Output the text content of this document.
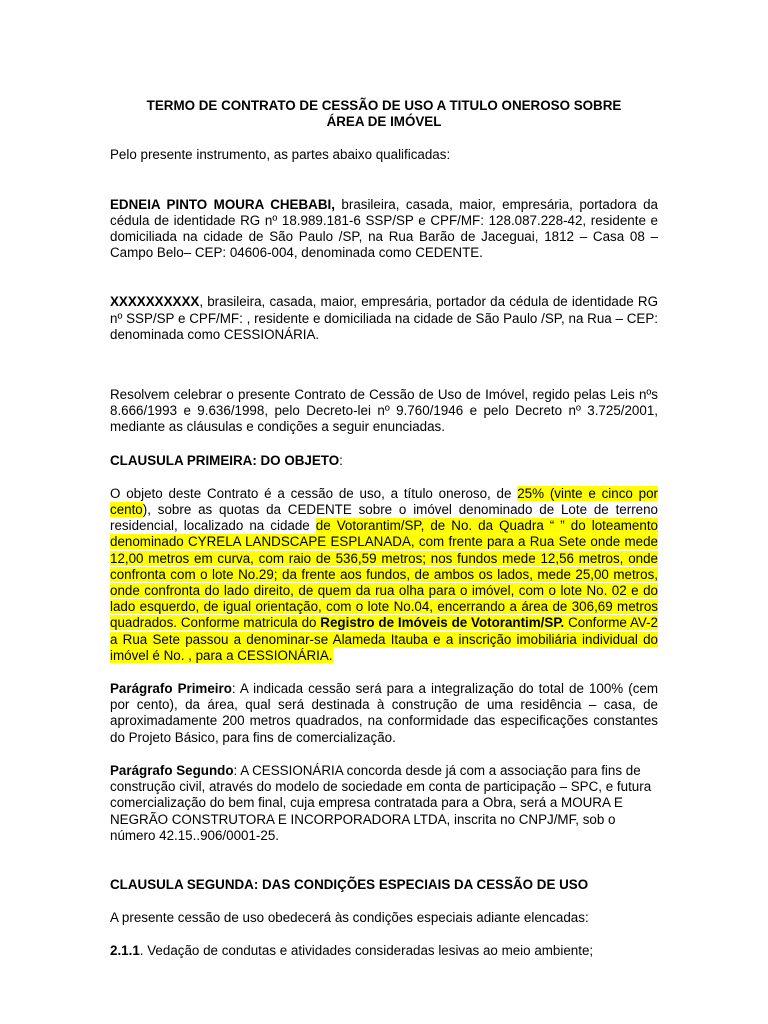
TERMO DE CONTRATO DE CESSÃO DE USO A TITULO ONEROSO SOBRE
ÁREA DE IMÓVEL

Pelo presente instrumento, as partes abaixo qualificadas:

EDNEIA PINTO MOURA CHEBABI, brasileira, casada, maior, empresária, portadora da cédula de identidade RG nº 18.989.181-6 SSP/SP e CPF/MF: 128.087.228-42, residente e domiciliada na cidade de São Paulo /SP, na Rua Barão de Jaceguai, 1812 – Casa 08 – Campo Belo– CEP: 04606-004, denominada como CEDENTE.

XXXXXXXXXX, brasileira, casada, maior, empresária, portador da cédula de identidade RG nº SSP/SP e CPF/MF: , residente e domiciliada na cidade de São Paulo /SP, na Rua – CEP: denominada como CESSIONÁRIA.

Resolvem celebrar o presente Contrato de Cessão de Uso de Imóvel, regido pelas Leis nºs 8.666/1993 e 9.636/1998, pelo Decreto-lei nº 9.760/1946 e pelo Decreto nº 3.725/2001, mediante as cláusulas e condições a seguir enunciadas.

CLAUSULA PRIMEIRA: DO OBJETO:

O objeto deste Contrato é a cessão de uso, a título oneroso, de 25% (vinte e cinco por cento), sobre as quotas da CEDENTE sobre o imóvel denominado de Lote de terreno residencial, localizado na cidade de Votorantim/SP, de No. da Quadra “ ” do loteamento denominado CYRELA LANDSCAPE ESPLANADA, com frente para a Rua Sete onde mede 12,00 metros em curva, com raio de 536,59 metros; nos fundos mede 12,56 metros, onde confronta com o lote No.29; da frente aos fundos, de ambos os lados, mede 25,00 metros, onde confronta do lado direito, de quem da rua olha para o imóvel, com o lote No. 02 e do lado esquerdo, de igual orientação, com o lote No.04, encerrando a área de 306,69 metros quadrados. Conforme matricula do Registro de Imóveis de Votorantim/SP. Conforme AV-2 a Rua Sete passou a denominar-se Alameda Itauba e a inscrição imobiliária individual do imóvel é No. , para a CESSIONÁRIA.

Parágrafo Primeiro: A indicada cessão será para a integralização do total de 100% (cem por cento), da área, qual será destinada à construção de uma residência – casa, de aproximadamente 200 metros quadrados, na conformidade das especificações constantes do Projeto Básico, para fins de comercialização.

Parágrafo Segundo: A CESSIONÁRIA concorda desde já com a associação para fins de construção civil, através do modelo de sociedade em conta de participação – SPC, e futura comercialização do bem final, cuja empresa contratada para a Obra, será a MOURA E NEGRÃO CONSTRUTORA E INCORPORADORA LTDA, inscrita no CNPJ/MF, sob o número 42.15..906/0001-25.

CLAUSULA SEGUNDA: DAS CONDIÇÕES ESPECIAIS DA CESSÃO DE USO

A presente cessão de uso obedecerá às condições especiais adiante elencadas:

2.1.1. Vedação de condutas e atividades consideradas lesivas ao meio ambiente;
